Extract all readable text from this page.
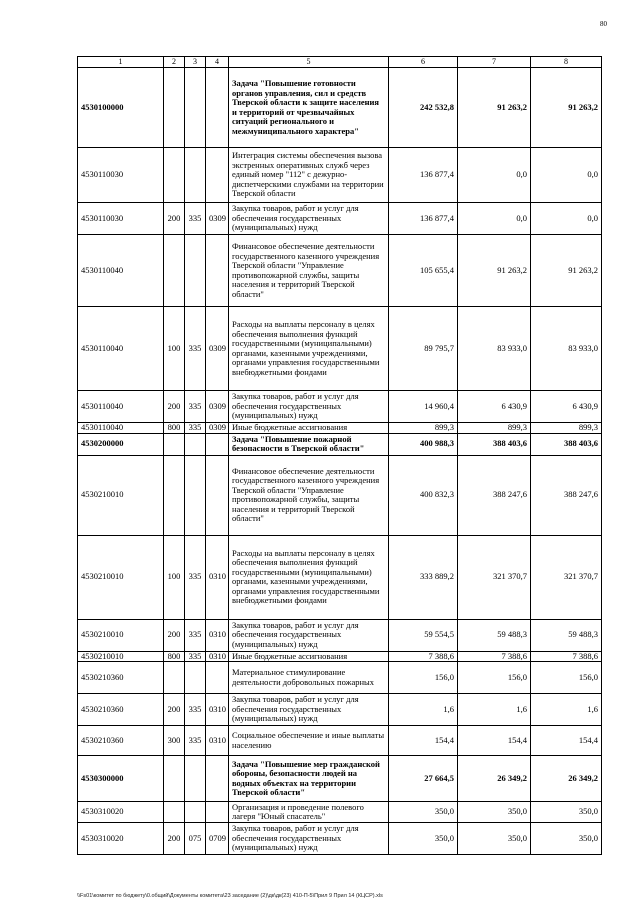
80
1	2	3	4	5	6	7	8
4530100000				Задача "Повышение готовности органов управления, сил и средств Тверской области к защите населения и территорий от чрезвычайных ситуаций регионального и межмуниципального характера"	242 532,8	91 263,2	91 263,2
4530110030				Интеграция системы обеспечения вызова экстренных оперативных служб через единый номер "112" с дежурно-диспетчерскими службами на территории Тверской области	136 877,4	0,0	0,0
4530110030	200	335	0309	Закупка товаров, работ и услуг для обеспечения государственных (муниципальных) нужд	136 877,4	0,0	0,0
4530110040				Финансовое обеспечение деятельности государственного казенного учреждения Тверской области "Управление противопожарной службы, защиты населения и территорий Тверской области"	105 655,4	91 263,2	91 263,2
4530110040	100	335	0309	Расходы на выплаты персоналу в целях обеспечения выполнения функций государственными (муниципальными) органами, казенными учреждениями, органами управления государственными внебюджетными фондами	89 795,7	83 933,0	83 933,0
4530110040	200	335	0309	Закупка товаров, работ и услуг для обеспечения государственных (муниципальных) нужд	14 960,4	6 430,9	6 430,9
4530110040	800	335	0309	Иные бюджетные ассигнования	899,3	899,3	899,3
4530200000				Задача "Повышение пожарной безопасности в Тверской области"	400 988,3	388 403,6	388 403,6
4530210010				Финансовое обеспечение деятельности государственного казенного учреждения Тверской области "Управление противопожарной службы, защиты населения и территорий Тверской области"	400 832,3	388 247,6	388 247,6
4530210010	100	335	0310	Расходы на выплаты персоналу в целях обеспечения выполнения функций государственными (муниципальными) органами, казенными учреждениями, органами управления государственными внебюджетными фондами	333 889,2	321 370,7	321 370,7
4530210010	200	335	0310	Закупка товаров, работ и услуг для обеспечения государственных (муниципальных) нужд	59 554,5	59 488,3	59 488,3
4530210010	800	335	0310	Иные бюджетные ассигнования	7 388,6	7 388,6	7 388,6
4530210360				Материальное стимулирование деятельности добровольных пожарных	156,0	156,0	156,0
4530210360	200	335	0310	Закупка товаров, работ и услуг для обеспечения государственных (муниципальных) нужд	1,6	1,6	1,6
4530210360	300	335	0310	Социальное обеспечение и иные выплаты населению	154,4	154,4	154,4
4530300000				Задача "Повышение мер гражданской обороны, безопасности людей на водных объектах на территории Тверской области"	27 664,5	26 349,2	26 349,2
4530310020				Организация и проведение полевого лагеря "Юный спасатель"	350,0	350,0	350,0
4530310020	200	075	0709	Закупка товаров, работ и услуг для обеспечения государственных (муниципальных) нужд	350,0	350,0	350,0
\\Fs01\комитет по бюджету\0.общий\Документы комитета\23 заседание (2)\дк\дк(23) 410-П-5\Прил 9 Прил 14 (КЦСР).xls
